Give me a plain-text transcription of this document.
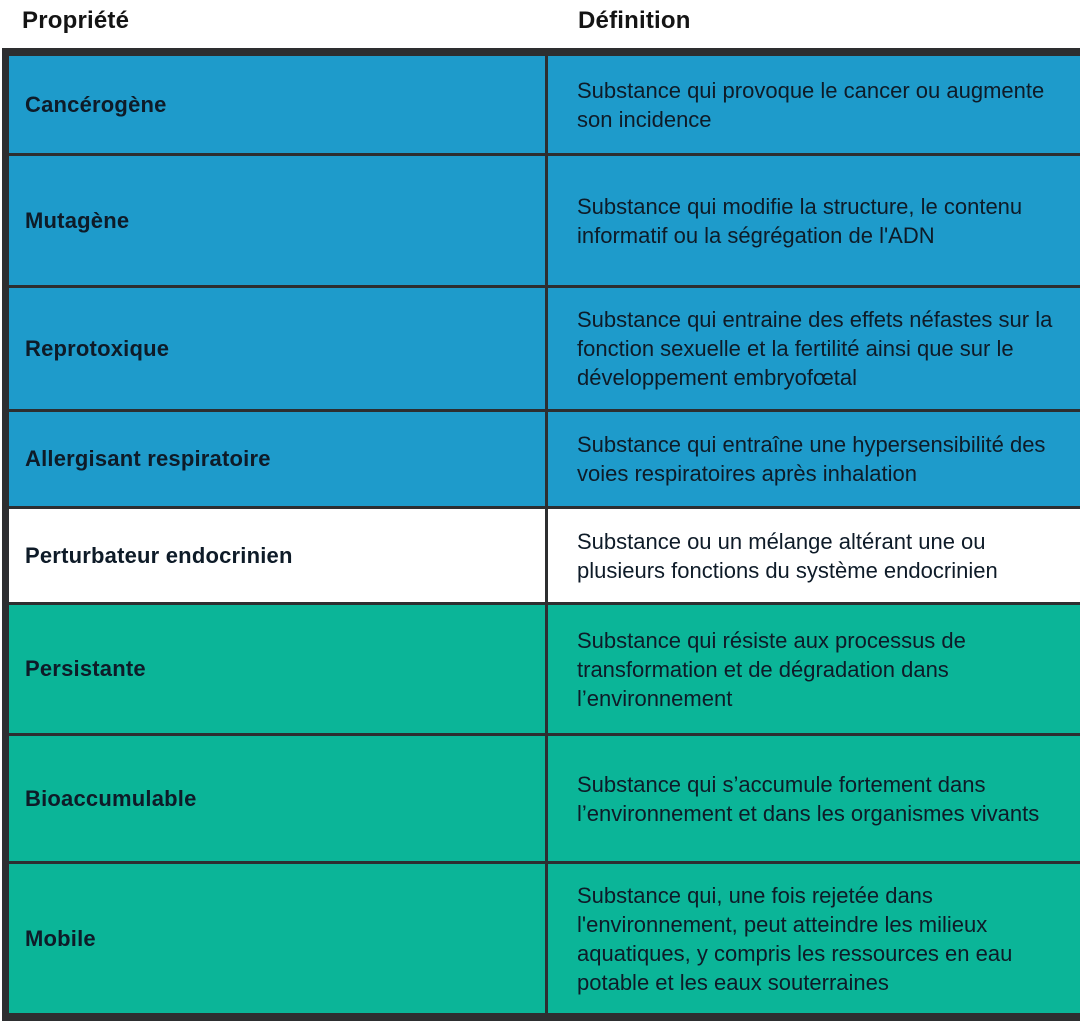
Propriété	Définition
Cancérogène
Substance qui provoque le cancer ou augmente son incidence
Mutagène
Substance qui modifie la structure, le contenu informatif ou la ségrégation de l'ADN
Reprotoxique
Substance qui entraine des effets néfastes sur la fonction sexuelle et la fertilité ainsi que sur le développement embryofœtal
Allergisant respiratoire
Substance qui entraîne une hypersensibilité des voies respiratoires après inhalation
Perturbateur endocrinien
Substance ou un mélange altérant une ou plusieurs fonctions du système endocrinien
Persistante
Substance qui résiste aux processus de transformation et de dégradation dans l’environnement
Bioaccumulable
Substance qui s’accumule fortement dans l’environnement et dans les organismes vivants
Mobile
Substance qui, une fois rejetée dans l'environnement, peut atteindre les milieux aquatiques, y compris les ressources en eau potable et les eaux souterraines
